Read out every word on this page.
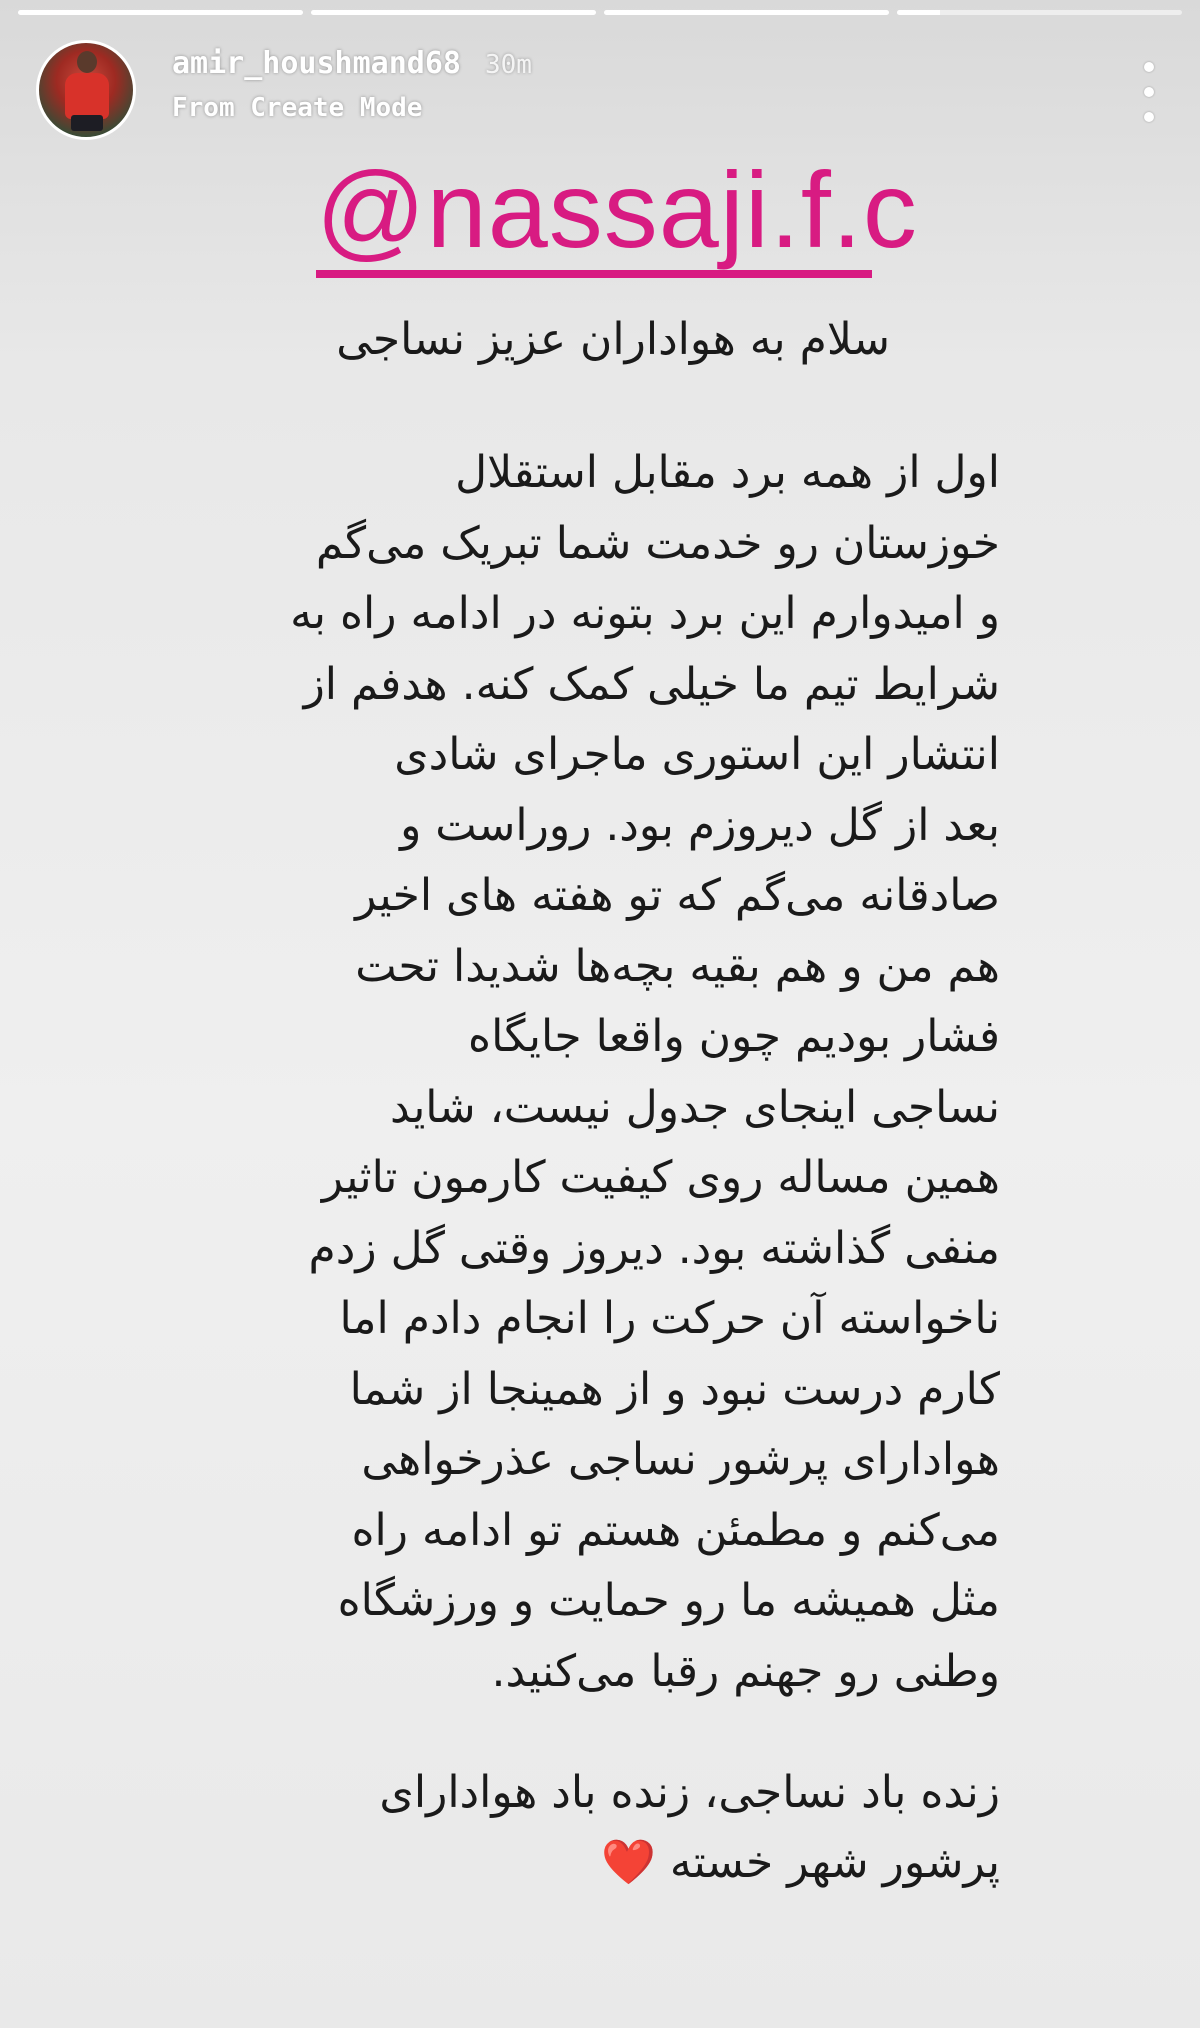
amir_houshmand68 30m
From Create Mode
@nassaji.f.c
سلام به هواداران عزیز نساجی
اول از همه برد مقابل استقلال
خوزستان رو خدمت شما تبریک می‌گم
و امیدوارم این برد بتونه در ادامه راه به
شرایط تیم ما خیلی کمک کنه. هدفم از
انتشار این استوری ماجرای شادی
بعد از گل دیروزم بود. روراست و
صادقانه می‌گم که تو هفته های اخیر
هم من و هم بقیه بچه‌ها شدیدا تحت
فشار بودیم چون واقعا جایگاه
نساجی اینجای جدول نیست، شاید
همین مساله روی کیفیت کارمون تاثیر
منفی گذاشته بود. دیروز وقتی گل زدم
ناخواسته آن حرکت را انجام دادم اما
کارم درست نبود و از همینجا از شما
هوادارای پرشور نساجی عذرخواهی
می‌کنم و مطمئن هستم تو ادامه راه
مثل همیشه ما رو حمایت و ورزشگاه
وطنی رو جهنم رقبا می‌کنید.
زنده باد نساجی، زنده باد هوادارای
پرشور شهر خسته ❤️
